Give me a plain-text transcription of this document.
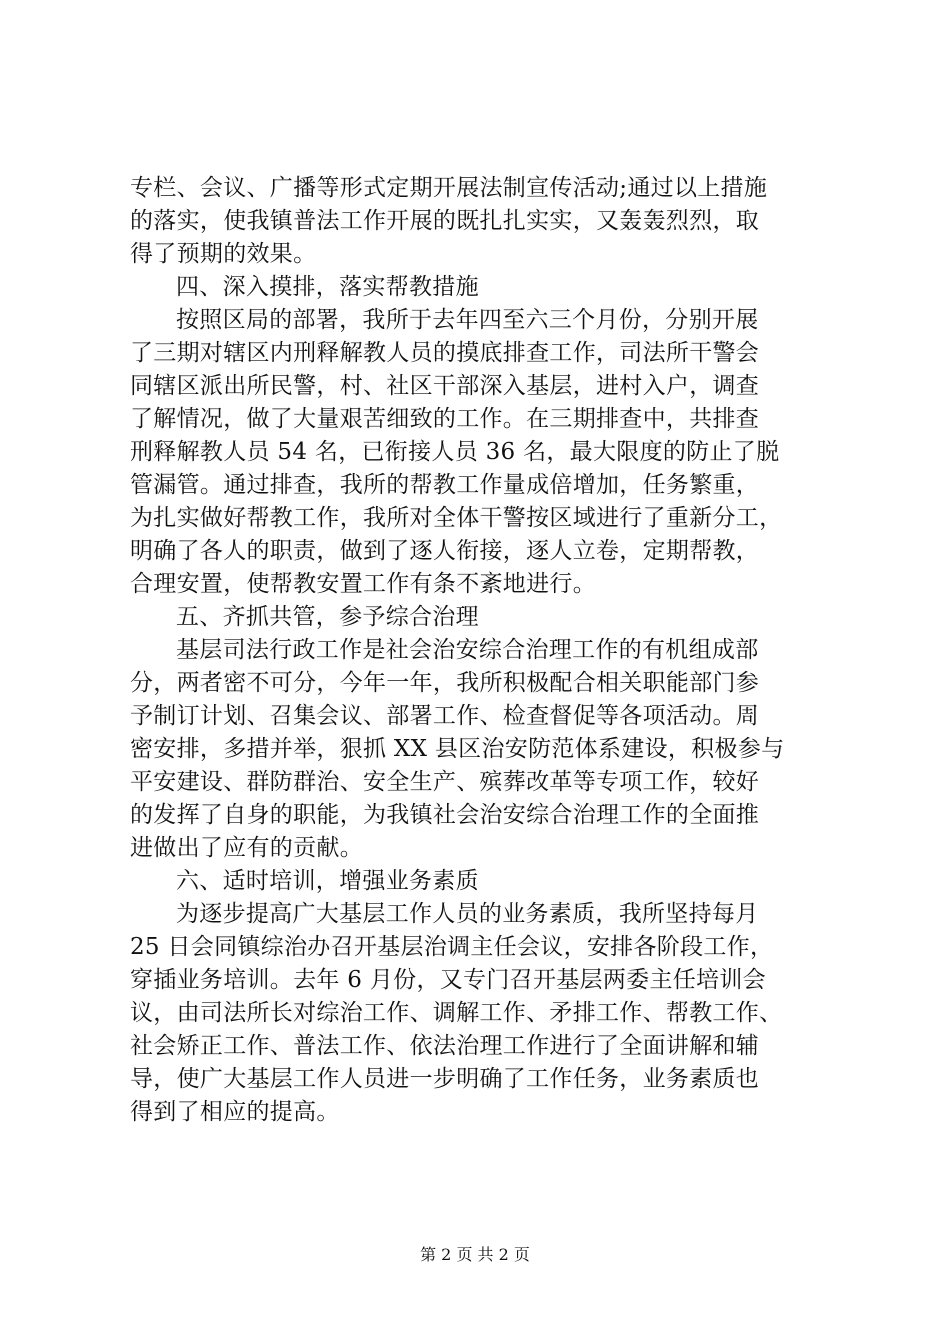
专栏、会议、广播等形式定期开展法制宣传活动;通过以上措施
的落实，使我镇普法工作开展的既扎扎实实，又轰轰烈烈，取
得了预期的效果。
四、深入摸排，落实帮教措施
按照区局的部署，我所于去年四至六三个月份，分别开展
了三期对辖区内刑释解教人员的摸底排查工作，司法所干警会
同辖区派出所民警，村、社区干部深入基层，进村入户，调查
了解情况，做了大量艰苦细致的工作。在三期排查中，共排查
刑释解教人员 54 名，已衔接人员 36 名，最大限度的防止了脱
管漏管。通过排查，我所的帮教工作量成倍增加，任务繁重，
为扎实做好帮教工作，我所对全体干警按区域进行了重新分工，
明确了各人的职责，做到了逐人衔接，逐人立卷，定期帮教，
合理安置，使帮教安置工作有条不紊地进行。
五、齐抓共管，参予综合治理
基层司法行政工作是社会治安综合治理工作的有机组成部
分，两者密不可分，今年一年，我所积极配合相关职能部门参
予制订计划、召集会议、部署工作、检查督促等各项活动。周
密安排，多措并举，狠抓 XX 县区治安防范体系建设，积极参与
平安建设、群防群治、安全生产、殡葬改革等专项工作，较好
的发挥了自身的职能，为我镇社会治安综合治理工作的全面推
进做出了应有的贡献。
六、适时培训，增强业务素质
为逐步提高广大基层工作人员的业务素质，我所坚持每月
25 日会同镇综治办召开基层治调主任会议，安排各阶段工作，
穿插业务培训。去年 6 月份，又专门召开基层两委主任培训会
议，由司法所长对综治工作、调解工作、矛排工作、帮教工作、
社会矫正工作、普法工作、依法治理工作进行了全面讲解和辅
导，使广大基层工作人员进一步明确了工作任务，业务素质也
得到了相应的提高。
第 2 页 共 2 页
